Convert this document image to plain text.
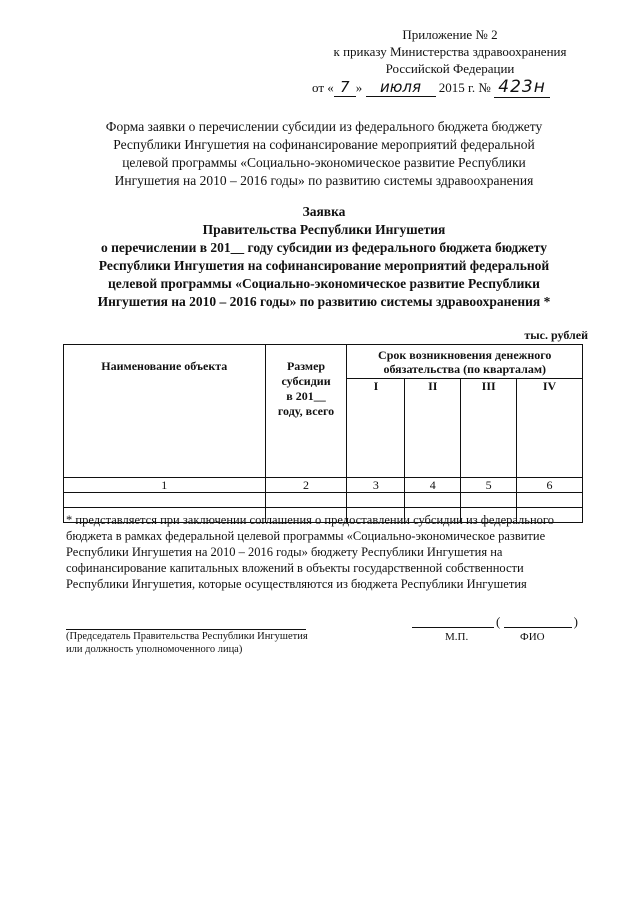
Приложение № 2
к приказу Министерства здравоохранения
Российской Федерации
от « 7 » июля 2015 г. № 423н
Форма заявки о перечислении субсидии из федерального бюджета бюджету
Республики Ингушетия на софинансирование мероприятий федеральной
целевой программы «Социально-экономическое развитие Республики
Ингушетия на 2010 – 2016 годы» по развитию системы здравоохранения
Заявка
Правительства Республики Ингушетия
о перечислении в 201__ году субсидии из федерального бюджета бюджету
Республики Ингушетия на софинансирование мероприятий федеральной
целевой программы «Социально-экономическое развитие Республики
Ингушетия на 2010 – 2016 годы» по развитию системы здравоохранения *
тыс. рублей
Наименование объекта	Размер
субсидии
в 201__
году, всего	Срок возникновения денежного
обязательства (по кварталам)			

		I	II	III	IV
1	2	3	4	5	6

* представляется при заключении соглашения о предоставлении субсидии из федерального
бюджета в рамках федеральной целевой программы «Социально-экономическое развитие
Республики Ингушетия на 2010 – 2016 годы» бюджету Республики Ингушетия на
софинансирование капитальных вложений в объекты государственной собственности
Республики Ингушетия, которые осуществляются из бюджета Республики Ингушетия
(Председатель Правительства Республики Ингушетия
или должность уполномоченного лица)
(	)
М.П.	ФИО
